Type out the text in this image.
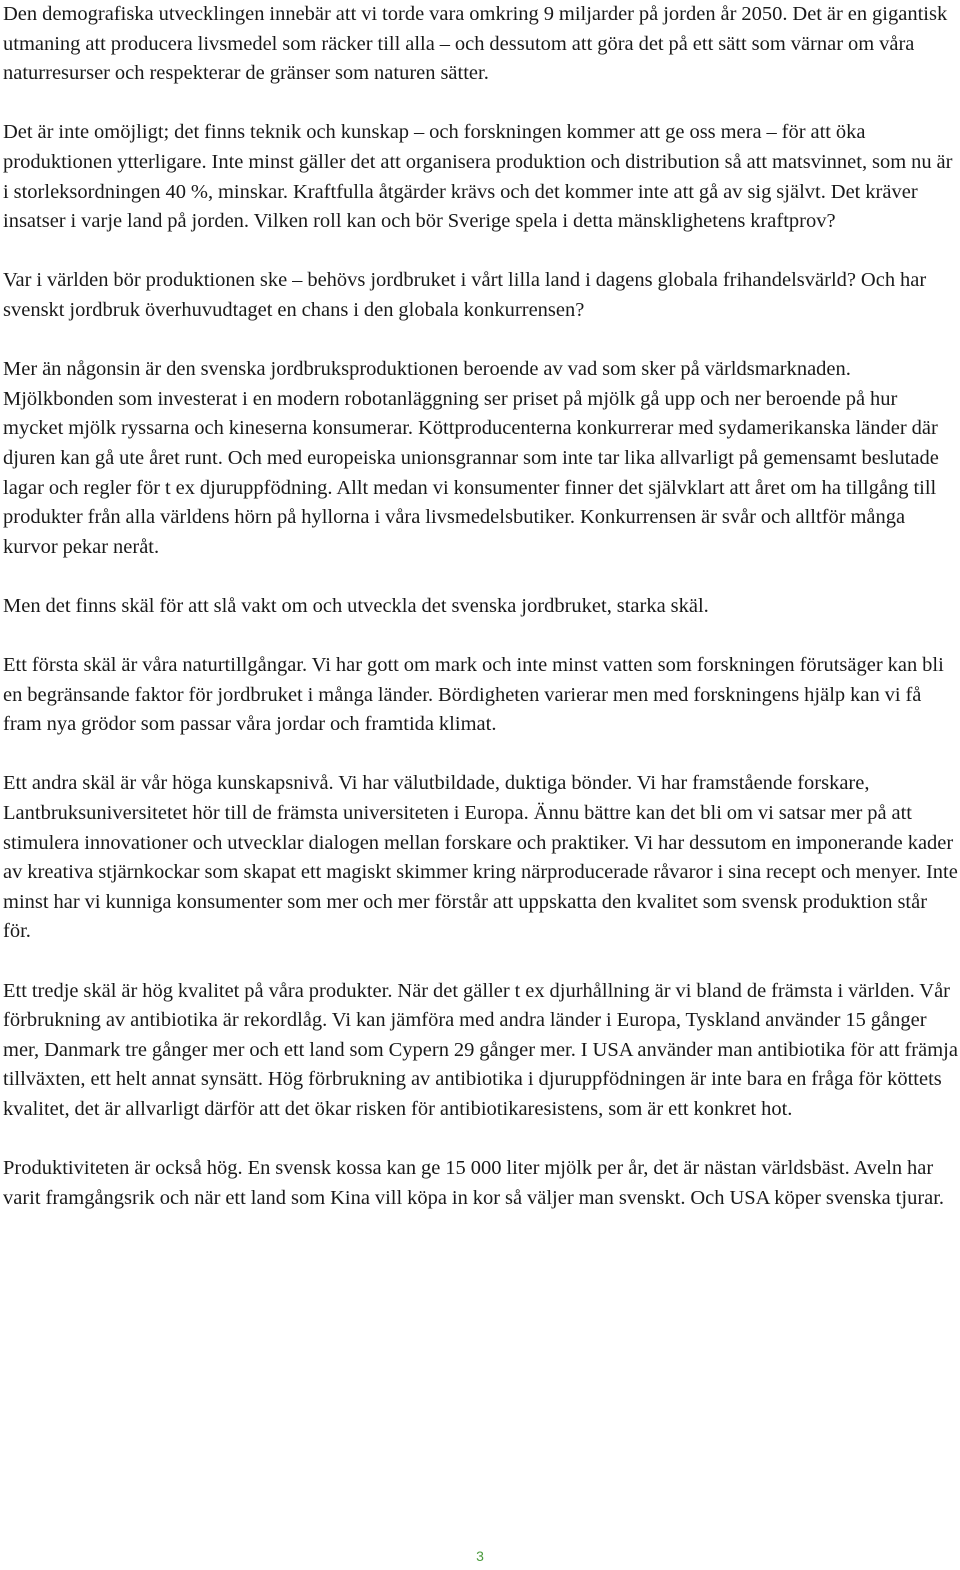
Den demografiska utvecklingen innebär att vi torde vara omkring 9 miljarder på jorden år 2050. Det är en gigantisk utmaning att producera livsmedel som räcker till alla – och dessutom att göra det på ett sätt som värnar om våra naturresurser och respekterar de gränser som naturen sätter.

Det är inte omöjligt; det finns teknik och kunskap – och forskningen kommer att ge oss mera – för att öka produktionen ytterligare. Inte minst gäller det att organisera produktion och distribution så att matsvinnet, som nu är i storleksordningen 40 %, minskar. Kraftfulla åtgärder krävs och det kommer inte att gå av sig självt. Det kräver insatser i varje land på jorden. Vilken roll kan och bör Sverige spela i detta mänsklighetens kraftprov?

Var i världen bör produktionen ske – behövs jordbruket i vårt lilla land i dagens globala frihandelsvärld? Och har svenskt jordbruk överhuvudtaget en chans i den globala konkurrensen?

Mer än någonsin är den svenska jordbruksproduktionen beroende av vad som sker på världsmarknaden. Mjölkbonden som investerat i en modern robotanläggning ser priset på mjölk gå upp och ner beroende på hur mycket mjölk ryssarna och kineserna konsumerar. Köttproducenterna konkurrerar med sydamerikanska länder där djuren kan gå ute året runt. Och med europeiska unionsgrannar som inte tar lika allvarligt på gemensamt beslutade lagar och regler för t ex djuruppfödning. Allt medan vi konsumenter finner det självklart att året om ha tillgång till produkter från alla världens hörn på hyllorna i våra livsmedelsbutiker. Konkurrensen är svår och alltför många kurvor pekar neråt.

Men det finns skäl för att slå vakt om och utveckla det svenska jordbruket, starka skäl.

Ett första skäl är våra naturtillgångar. Vi har gott om mark och inte minst vatten som forskningen förutsäger kan bli en begränsande faktor för jordbruket i många länder. Bördigheten varierar men med forskningens hjälp kan vi få fram nya grödor som passar våra jordar och framtida klimat.

Ett andra skäl är vår höga kunskapsnivå. Vi har välutbildade, duktiga bönder. Vi har framstående forskare, Lantbruksuniversitetet hör till de främsta universiteten i Europa. Ännu bättre kan det bli om vi satsar mer på att stimulera innovationer och utvecklar dialogen mellan forskare och praktiker. Vi har dessutom en imponerande kader av kreativa stjärnkockar som skapat ett magiskt skimmer kring närproducerade råvaror i sina recept och menyer. Inte minst har vi kunniga konsumenter som mer och mer förstår att uppskatta den kvalitet som svensk produktion står för.

Ett tredje skäl är hög kvalitet på våra produkter. När det gäller t ex djurhållning är vi bland de främsta i världen. Vår förbrukning av antibiotika är rekordlåg. Vi kan jämföra med andra länder i Europa, Tyskland använder 15 gånger mer, Danmark tre gånger mer och ett land som Cypern 29 gånger mer. I USA använder man antibiotika för att främja tillväxten, ett helt annat synsätt. Hög förbrukning av antibiotika i djuruppfödningen är inte bara en fråga för köttets kvalitet, det är allvarligt därför att det ökar risken för antibiotikaresistens, som är ett konkret hot.

Produktiviteten är också hög. En svensk kossa kan ge 15 000 liter mjölk per år, det är nästan världsbäst. Aveln har varit framgångsrik och när ett land som Kina vill köpa in kor så väljer man svenskt. Och USA köper svenska tjurar.

3
